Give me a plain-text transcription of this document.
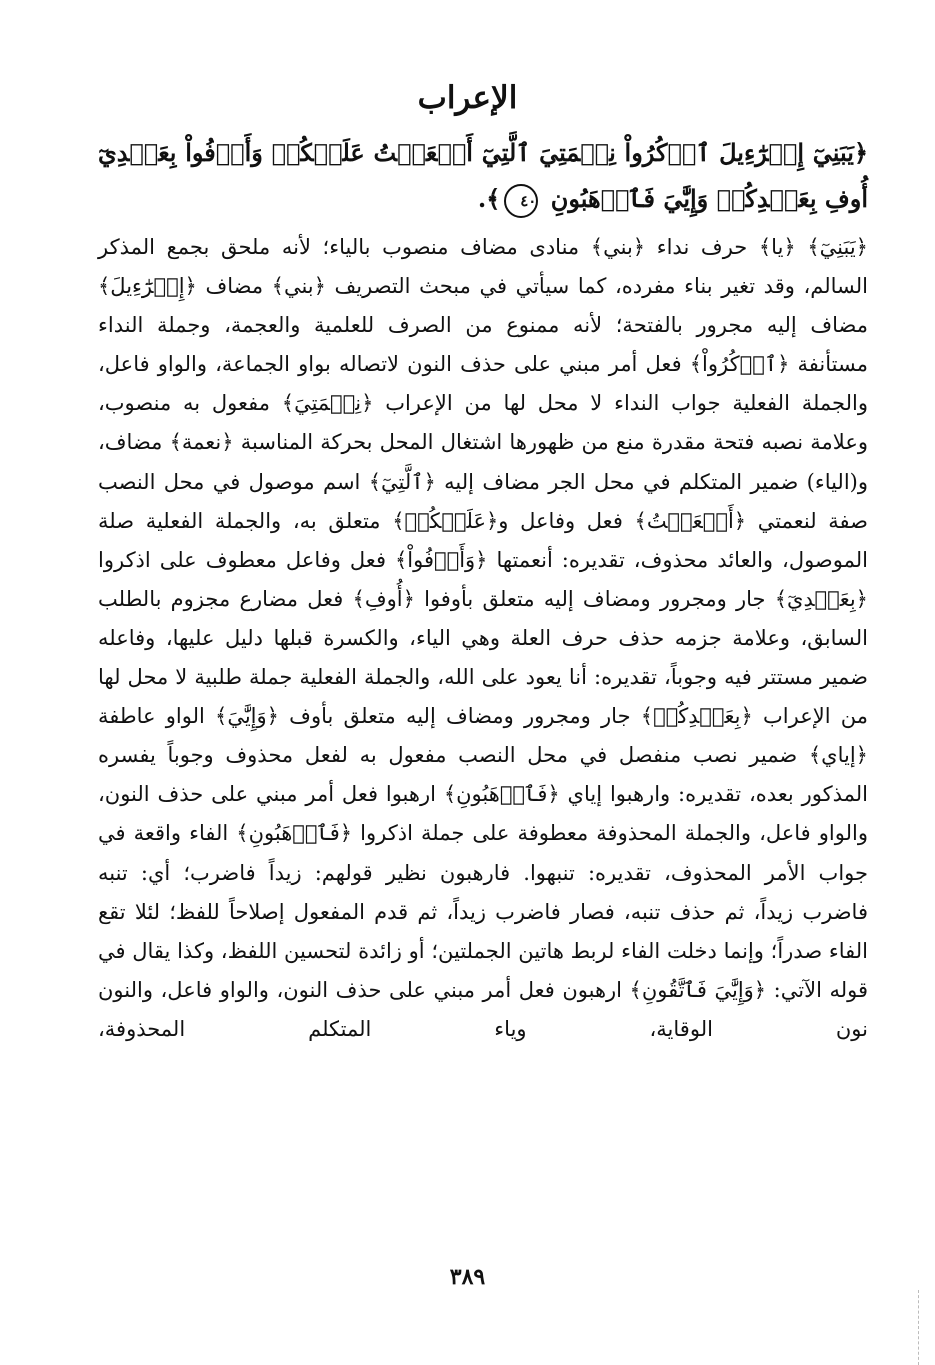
الإعراب
﴿يَبَنِيٓ إِسۡرَٰٓءِيلَ ٱذۡكُرُواْ نِعۡمَتِيَ ٱلَّتِيٓ أَنۡعَمۡتُ عَلَيۡكُمۡ وَأَوۡفُواْ بِعَهۡدِيٓ أُوفِ بِعَهۡدِكُمۡ وَإِيَّٰيَ فَٱرۡهَبُونِ ٤٠﴾.
﴿يَبَنِيٓ﴾ ﴿يا﴾ حرف نداء ﴿بني﴾ منادى مضاف منصوب بالياء؛ لأنه ملحق بجمع المذكر السالم، وقد تغير بناء مفرده، كما سيأتي في مبحث التصريف ﴿بني﴾ مضاف ﴿إِسۡرَٰٓءِيلَ﴾ مضاف إليه مجرور بالفتحة؛ لأنه ممنوع من الصرف للعلمية والعجمة، وجملة النداء مستأنفة ﴿ٱذۡكُرُواْ﴾ فعل أمر مبني على حذف النون لاتصاله بواو الجماعة، والواو فاعل، والجملة الفعلية جواب النداء لا محل لها من الإعراب ﴿نِعۡمَتِيَ﴾ مفعول به منصوب، وعلامة نصبه فتحة مقدرة منع من ظهورها اشتغال المحل بحركة المناسبة ﴿نعمة﴾ مضاف، و(الياء) ضمير المتكلم في محل الجر مضاف إليه ﴿ٱلَّتِيٓ﴾ اسم موصول في محل النصب صفة لنعمتي ﴿أَنۡعَمۡتُ﴾ فعل وفاعل و﴿عَلَيۡكُمۡ﴾ متعلق به، والجملة الفعلية صلة الموصول، والعائد محذوف، تقديره: أنعمتها ﴿وَأَوۡفُواْ﴾ فعل وفاعل معطوف على اذكروا ﴿بِعَهۡدِيٓ﴾ جار ومجرور ومضاف إليه متعلق بأوفوا ﴿أُوفِ﴾ فعل مضارع مجزوم بالطلب السابق، وعلامة جزمه حذف حرف العلة وهي الياء، والكسرة قبلها دليل عليها، وفاعله ضمير مستتر فيه وجوباً، تقديره: أنا يعود على الله، والجملة الفعلية جملة طلبية لا محل لها من الإعراب ﴿بِعَهۡدِكُمۡ﴾ جار ومجرور ومضاف إليه متعلق بأوف ﴿وَإِيَّٰيَ﴾ الواو عاطفة ﴿إياي﴾ ضمير نصب منفصل في محل النصب مفعول به لفعل محذوف وجوباً يفسره المذكور بعده، تقديره: وارهبوا إياي ﴿فَٱرۡهَبُونِ﴾ ارهبوا فعل أمر مبني على حذف النون، والواو فاعل، والجملة المحذوفة معطوفة على جملة اذكروا ﴿فَٱرۡهَبُونِ﴾ الفاء واقعة في جواب الأمر المحذوف، تقديره: تنبهوا. فارهبون نظير قولهم: زيداً فاضرب؛ أي: تنبه فاضرب زيداً، ثم حذف تنبه، فصار فاضرب زيداً، ثم قدم المفعول إصلاحاً للفظ؛ لئلا تقع الفاء صدراً؛ وإنما دخلت الفاء لربط هاتين الجملتين؛ أو زائدة لتحسين اللفظ، وكذا يقال في قوله الآتي: ﴿وَإِيَّٰيَ فَٱتَّقُونِ﴾ ارهبون فعل أمر مبني على حذف النون، والواو فاعل، والنون نون الوقاية، وياء المتكلم المحذوفة،
٣٨٩
